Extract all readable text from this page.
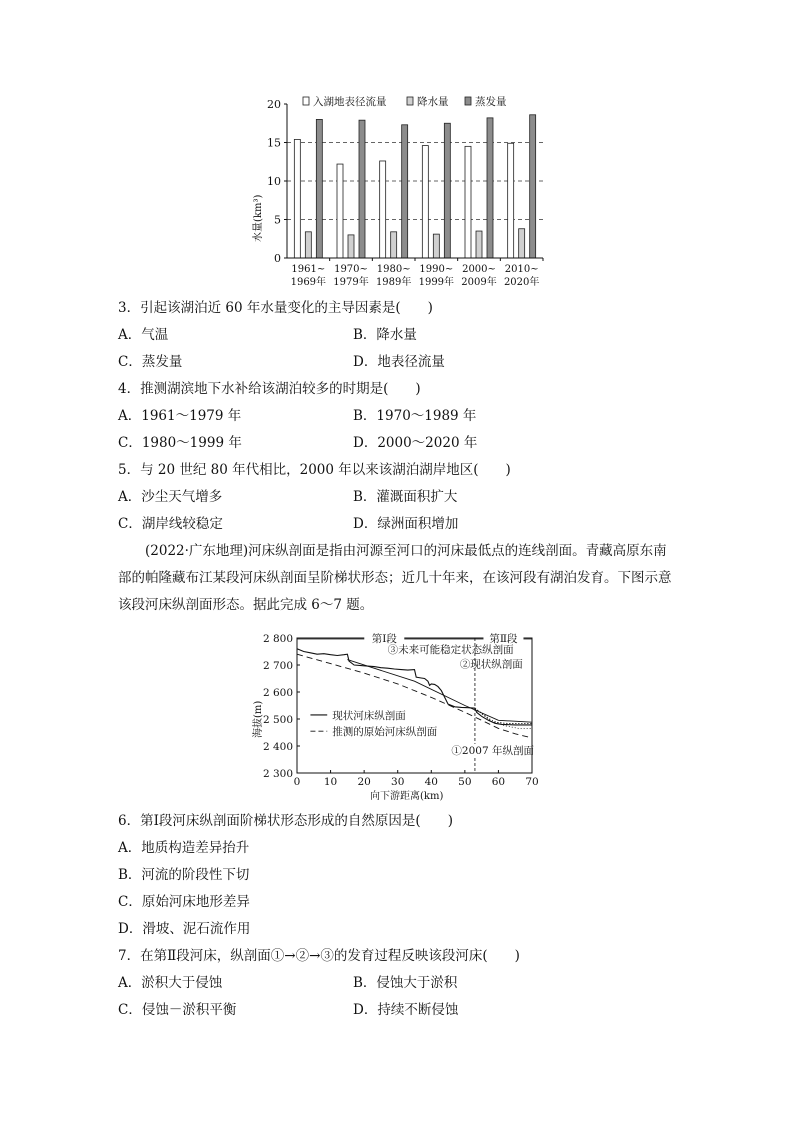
0
5
10
15
20
1961~
1969年
1970~
1979年
1980~
1989年
1990~
1999年
2000~
2009年
2010~
2020年
入湖地表径流量	降水量	蒸发量
水量(km³)
3．引起该湖泊近 60 年水量变化的主导因素是(　　)
A．气温	B．降水量
C．蒸发量	D．地表径流量
4．推测湖滨地下水补给该湖泊较多的时期是(　　)
A．1961～1979 年	B．1970～1989 年
C．1980～1999 年	D．2000～2020 年
5．与 20 世纪 80 年代相比，2000 年以来该湖泊湖岸地区(　　)
A．沙尘天气增多	B．灌溉面积扩大
C．湖岸线较稳定	D．绿洲面积增加
(2022·广东地理)河床纵剖面是指由河源至河口的河床最低点的连线剖面。青藏高原东南部的帕隆藏布江某段河床纵剖面呈阶梯状形态；近几十年来，在该河段有湖泊发育。下图示意该段河床纵剖面形态。据此完成 6～7 题。
2 300
2 400
2 500
2 600
2 700
2 800
0 10 20 30 40 50 60 70
第Ⅰ段	第Ⅱ段
③未来可能稳定状态纵剖面
②现状纵剖面
①2007 年纵剖面
现状河床纵剖面
推测的原始河床纵剖面
海拔(m)
向下游距离(km)
6．第Ⅰ段河床纵剖面阶梯状形态形成的自然原因是(　　)
A．地质构造差异抬升
B．河流的阶段性下切
C．原始河床地形差异
D．滑坡、泥石流作用
7．在第Ⅱ段河床，纵剖面①→②→③的发育过程反映该段河床(　　)
A．淤积大于侵蚀	B．侵蚀大于淤积
C．侵蚀－淤积平衡	D．持续不断侵蚀
